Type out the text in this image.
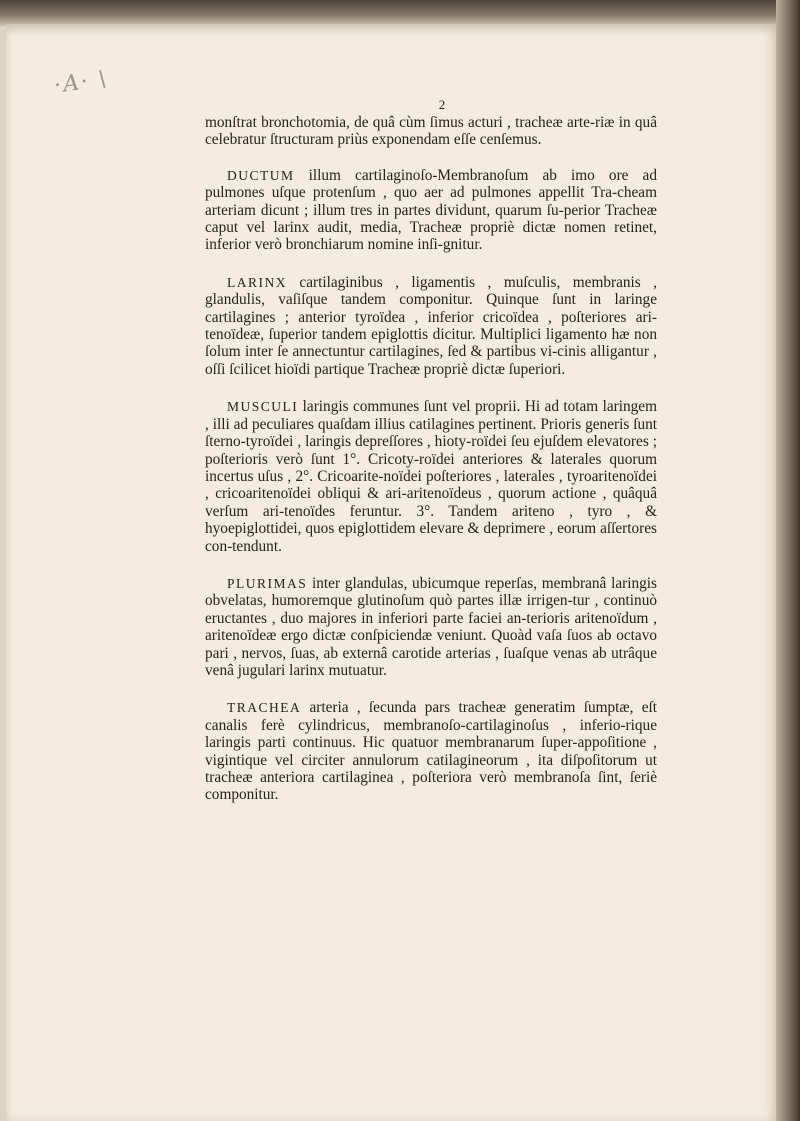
·A· \
2

monſtrat bronchotomia, de quâ cùm ſimus acturi , tracheæ arte-riæ in quâ celebratur ſtructuram priùs exponendam eſſe cenſemus.

DUCTUM illum cartilaginoſo-Membranoſum ab imo ore ad pulmones uſque protenſum , quo aer ad pulmones appellit Tra-cheam arteriam dicunt ; illum tres in partes dividunt, quarum ſu-perior Tracheæ caput vel larinx audit, media, Tracheæ propriè dictæ nomen retinet, inferior verò bronchiarum nomine inſi-gnitur.

LARINX cartilaginibus , ligamentis , muſculis, membranis , glandulis, vaſiſque tandem componitur. Quinque ſunt in laringe cartilagines ; anterior tyroïdea , inferior cricoïdea , poſteriores ari-tenoïdeæ, ſuperior tandem epiglottis dicitur. Multiplici ligamento hæ non ſolum inter ſe annectuntur cartilagines, ſed & partibus vi-cinis alligantur , oſſi ſcilicet hioïdi partique Tracheæ propriè dictæ ſuperiori.

MUSCULI laringis communes ſunt vel proprii. Hi ad totam laringem , illi ad peculiares quaſdam illius catilagines pertinent. Prioris generis ſunt ſterno-tyroïdei , laringis depreſſores , hioty-roïdei ſeu ejuſdem elevatores ; poſterioris verò ſunt 1°. Cricoty-roïdei anteriores & laterales quorum incertus uſus , 2°. Cricoarite-noïdei poſteriores , laterales , tyroaritenoïdei , cricoaritenoïdei obliqui & ari-aritenoïdeus , quorum actione , quâquâ verſum ari-tenoïdes feruntur. 3°. Tandem ariteno , tyro , & hyoepiglottidei, quos epiglottidem elevare & deprimere , eorum aſſertores con-tendunt.

PLURIMAS inter glandulas, ubicumque reperſas, membranâ laringis obvelatas, humoremque glutinoſum quò partes illæ irrigen-tur , continuò eructantes , duo majores in inferiori parte faciei an-terioris aritenoïdum , aritenoïdeæ ergo dictæ conſpiciendæ veniunt. Quoàd vaſa ſuos ab octavo pari , nervos, ſuas, ab externâ carotide arterias , ſuaſque venas ab utrâque venâ jugulari larinx mutuatur.

TRACHEA arteria , ſecunda pars tracheæ generatim ſumptæ, eſt canalis ferè cylindricus, membranoſo-cartilaginoſus , inferio-rique laringis parti continuus. Hic quatuor membranarum ſuper-appoſitione , vigintique vel circiter annulorum catilagineorum , ita diſpoſitorum ut tracheæ anteriora cartilaginea , poſteriora verò membranoſa ſint, ſeriè componitur.
